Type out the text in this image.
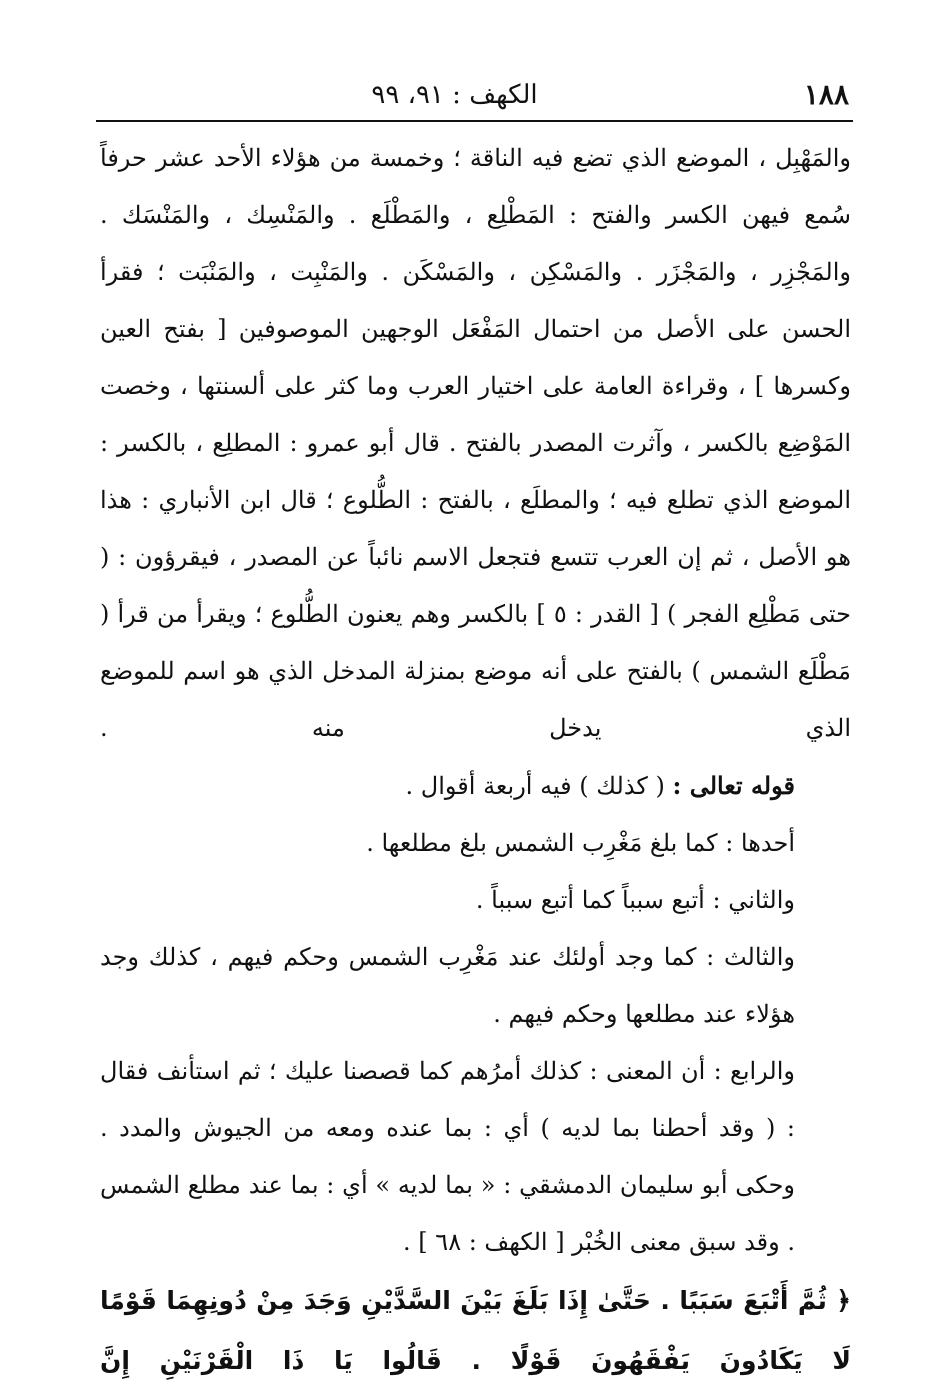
١٨٨
الكهف : ٩١، ٩٩

والمَهْبِل ، الموضع الذي تضع فيه الناقة ؛ وخمسة من هؤلاء الأحد عشر حرفاً سُمع فيهن الكسر والفتح : المَطْلِع ، والمَطْلَع . والمَنْسِك ، والمَنْسَك . والمَجْزِر ، والمَجْزَر . والمَسْكِن ، والمَسْكَن . والمَنْبِت ، والمَنْبَت ؛ فقرأ الحسن على الأصل من احتمال المَفْعَل الوجهين الموصوفين [ بفتح العين وكسرها ] ، وقراءة العامة على اختيار العرب وما كثر على ألسنتها ، وخصت المَوْضِع بالكسر ، وآثرت المصدر بالفتح . قال أبو عمرو : المطلِع ، بالكسر : الموضع الذي تطلع فيه ؛ والمطلَع ، بالفتح : الطُّلوع ؛ قال ابن الأنباري : هذا هو الأصل ، ثم إن العرب تتسع فتجعل الاسم نائباً عن المصدر ، فيقرؤون : ( حتى مَطْلِع الفجر ) [ القدر : ٥ ] بالكسر وهم يعنون الطُّلوع ؛ ويقرأ من قرأ ( مَطْلَع الشمس ) بالفتح على أنه موضع بمنزلة المدخل الذي هو اسم للموضع الذي يدخل منه .

قوله تعالى : ( كذلك ) فيه أربعة أقوال .

أحدها : كما بلغ مَغْرِب الشمس بلغ مطلعها .

والثاني : أتبع سبباً كما أتبع سبباً .

والثالث : كما وجد أولئك عند مَغْرِب الشمس وحكم فيهم ، كذلك وجد هؤلاء عند مطلعها وحكم فيهم .

والرابع : أن المعنى : كذلك أمرُهم كما قصصنا عليك ؛ ثم استأنف فقال : ( وقد أحطنا بما لديه ) أي : بما عنده ومعه من الجيوش والمدد . وحكى أبو سليمان الدمشقي : « بما لديه » أي : بما عند مطلع الشمس . وقد سبق معنى الخُبْر [ الكهف : ٦٨ ] .

﴿ ثُمَّ أَتْبَعَ سَبَبًا . حَتَّىٰ إِذَا بَلَغَ بَيْنَ السَّدَّيْنِ وَجَدَ مِنْ دُونِهِمَا قَوْمًا لَا يَكَادُونَ يَفْقَهُونَ قَوْلًا . قَالُوا يَا ذَا الْقَرْنَيْنِ إِنَّ
